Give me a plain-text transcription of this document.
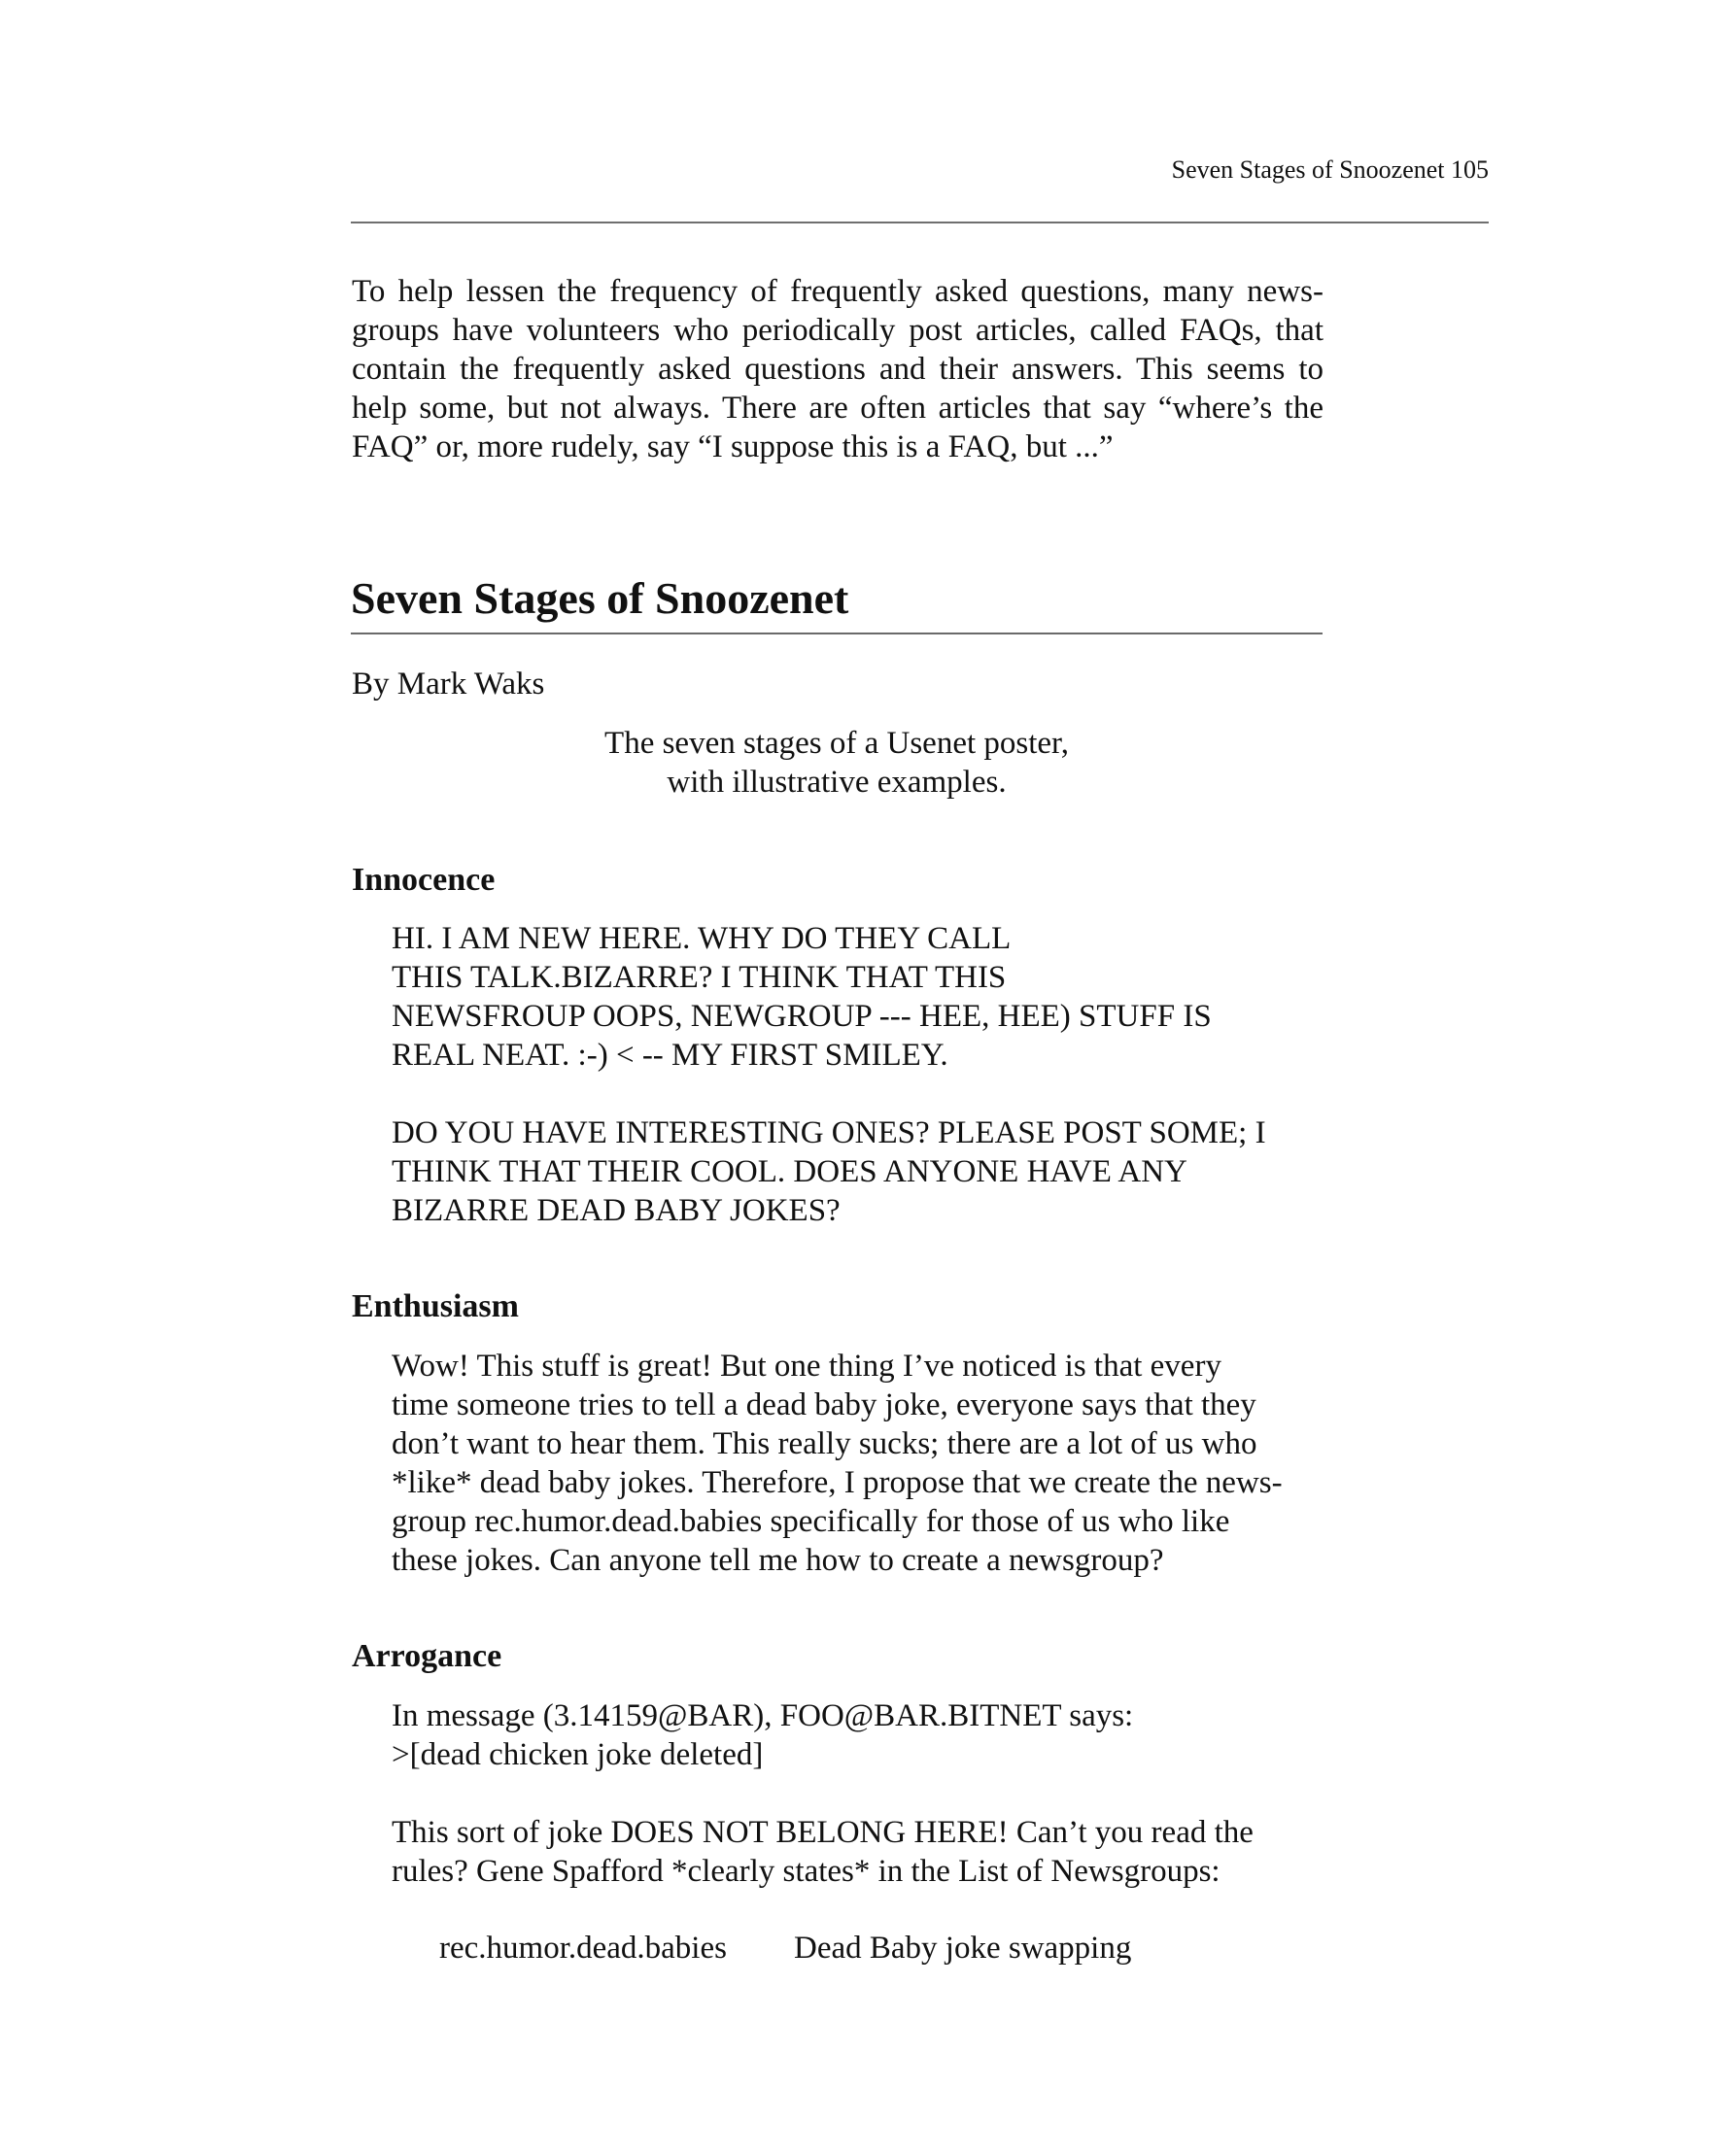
Seven Stages of Snoozenet 105
To help lessen the frequency of frequently asked questions, many news-
groups have volunteers who periodically post articles, called FAQs, that
contain the frequently asked questions and their answers. This seems to
help some, but not always. There are often articles that say “where’s the
FAQ” or, more rudely, say “I suppose this is a FAQ, but ...”
Seven Stages of Snoozenet
By Mark Waks
The seven stages of a Usenet poster,
with illustrative examples.
Innocence
HI. I AM NEW HERE. WHY DO THEY CALL
THIS TALK.BIZARRE? I THINK THAT THIS
NEWSFROUP OOPS, NEWGROUP --- HEE, HEE) STUFF IS
REAL NEAT. :-) < -- MY FIRST SMILEY.
DO YOU HAVE INTERESTING ONES? PLEASE POST SOME; I
THINK THAT THEIR COOL. DOES ANYONE HAVE ANY
BIZARRE DEAD BABY JOKES?
Enthusiasm
Wow! This stuff is great! But one thing I’ve noticed is that every
time someone tries to tell a dead baby joke, everyone says that they
don’t want to hear them. This really sucks; there are a lot of us who
*like* dead baby jokes. Therefore, I propose that we create the news-
group rec.humor.dead.babies specifically for those of us who like
these jokes. Can anyone tell me how to create a newsgroup?
Arrogance
In message (3.14159@BAR), FOO@BAR.BITNET says:
>[dead chicken joke deleted]
This sort of joke DOES NOT BELONG HERE! Can’t you read the
rules? Gene Spafford *clearly states* in the List of Newsgroups:
rec.humor.dead.babies Dead Baby joke swapping
